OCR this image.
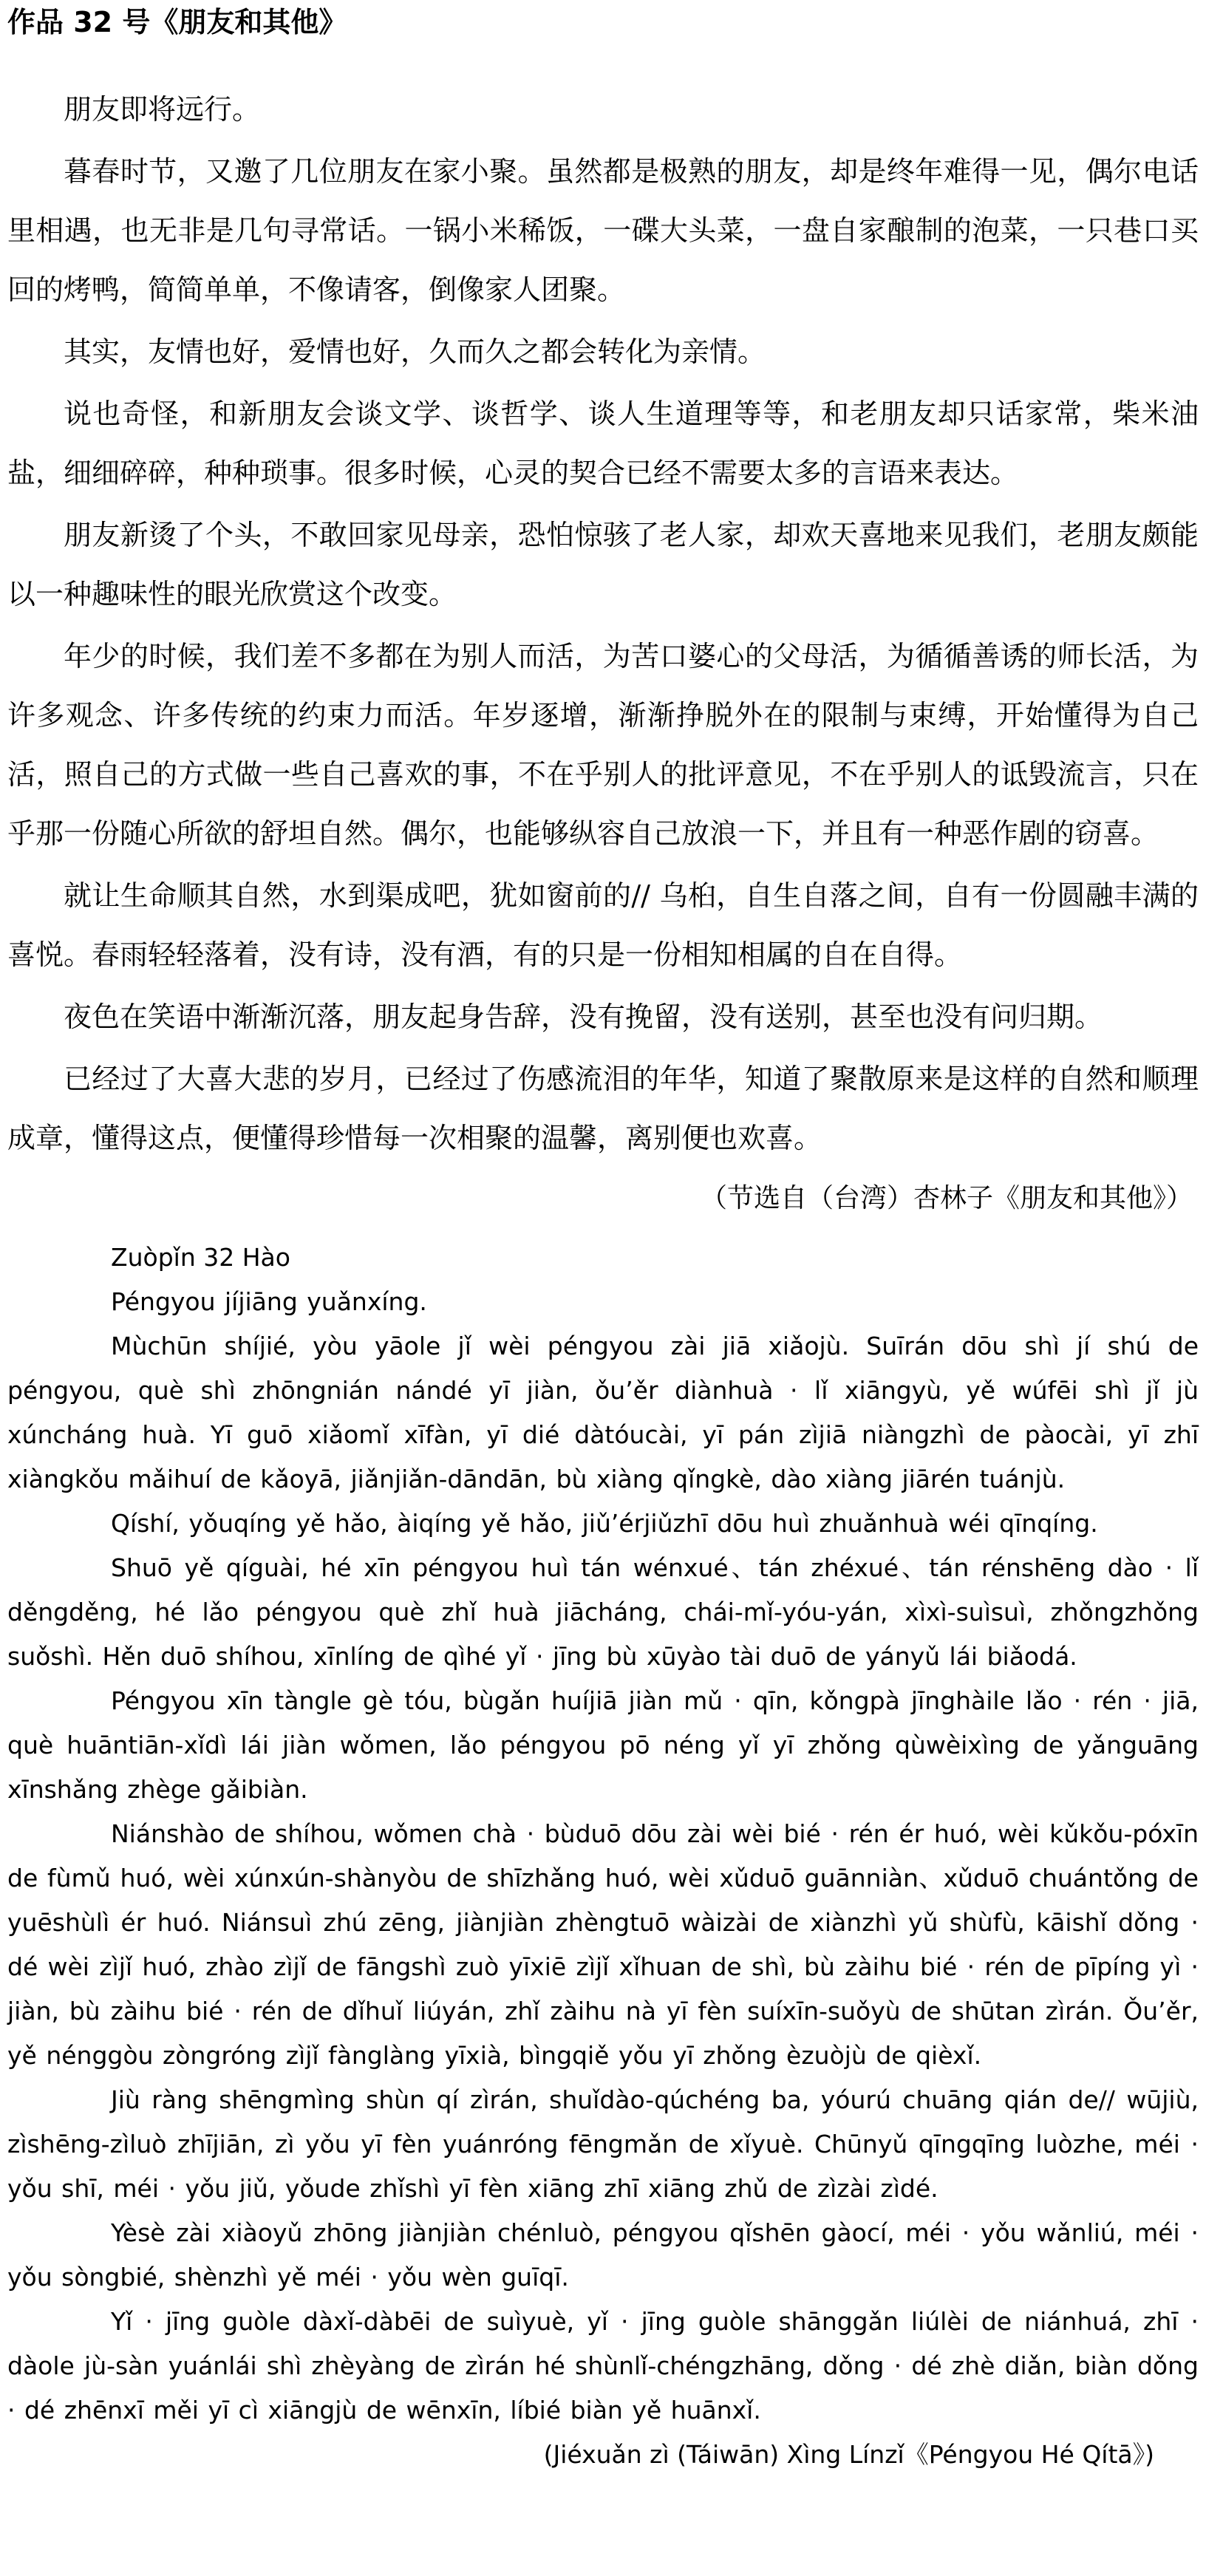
作品 32 号《朋友和其他》

朋友即将远行。

暮春时节，又邀了几位朋友在家小聚。虽然都是极熟的朋友，却是终年难得一见，偶尔电话里相遇，也无非是几句寻常话。一锅小米稀饭，一碟大头菜，一盘自家酿制的泡菜，一只巷口买回的烤鸭，简简单单，不像请客，倒像家人团聚。

其实，友情也好，爱情也好，久而久之都会转化为亲情。

说也奇怪，和新朋友会谈文学、谈哲学、谈人生道理等等，和老朋友却只话家常，柴米油盐，细细碎碎，种种琐事。很多时候，心灵的契合已经不需要太多的言语来表达。

朋友新烫了个头，不敢回家见母亲，恐怕惊骇了老人家，却欢天喜地来见我们，老朋友颇能以一种趣味性的眼光欣赏这个改变。

年少的时候，我们差不多都在为别人而活，为苦口婆心的父母活，为循循善诱的师长活，为许多观念、许多传统的约束力而活。年岁逐增，渐渐挣脱外在的限制与束缚，开始懂得为自己活，照自己的方式做一些自己喜欢的事，不在乎别人的批评意见，不在乎别人的诋毁流言，只在乎那一份随心所欲的舒坦自然。偶尔，也能够纵容自己放浪一下，并且有一种恶作剧的窃喜。

就让生命顺其自然，水到渠成吧，犹如窗前的// 乌桕，自生自落之间，自有一份圆融丰满的喜悦。春雨轻轻落着，没有诗，没有酒，有的只是一份相知相属的自在自得。

夜色在笑语中渐渐沉落，朋友起身告辞，没有挽留，没有送别，甚至也没有问归期。

已经过了大喜大悲的岁月，已经过了伤感流泪的年华，知道了聚散原来是这样的自然和顺理成章，懂得这点，便懂得珍惜每一次相聚的温馨，离别便也欢喜。

（节选自（台湾）杏林子《朋友和其他》）

Zuòpǐn 32 Hào

Péngyou jíjiāng yuǎnxíng.

Mùchūn shíjié, yòu yāole jǐ wèi péngyou zài jiā xiǎojù. Suīrán dōu shì jí shú de péngyou, què shì zhōngnián nándé yī jiàn, ǒu’ěr diànhuà · lǐ xiāngyù, yě wúfēi shì jǐ jù xúncháng huà. Yī guō xiǎomǐ xīfàn, yī dié dàtóucài, yī pán zìjiā niàngzhì de pàocài, yī zhī xiàngkǒu mǎihuí de kǎoyā, jiǎnjiǎn-dāndān, bù xiàng qǐngkè, dào xiàng jiārén tuánjù.

Qíshí, yǒuqíng yě hǎo, àiqíng yě hǎo, jiǔ’érjiǔzhī dōu huì zhuǎnhuà wéi qīnqíng.

Shuō yě qíguài, hé xīn péngyou huì tán wénxué、tán zhéxué、tán rénshēng dào · lǐ děngděng, hé lǎo péngyou què zhǐ huà jiācháng, chái-mǐ-yóu-yán, xìxì-suìsuì, zhǒngzhǒng suǒshì. Hěn duō shíhou, xīnlíng de qìhé yǐ · jīng bù xūyào tài duō de yányǔ lái biǎodá.

Péngyou xīn tàngle gè tóu, bùgǎn huíjiā jiàn mǔ · qīn, kǒngpà jīnghàile lǎo · rén · jiā, què huāntiān-xǐdì lái jiàn wǒmen, lǎo péngyou pō néng yǐ yī zhǒng qùwèixìng de yǎnguāng xīnshǎng zhège gǎibiàn.

Niánshào de shíhou, wǒmen chà · bùduō dōu zài wèi bié · rén ér huó, wèi kǔkǒu-póxīn de fùmǔ huó, wèi xúnxún-shànyòu de shīzhǎng huó, wèi xǔduō guānniàn、xǔduō chuántǒng de yuēshùlì ér huó. Niánsuì zhú zēng, jiànjiàn zhèngtuō wàizài de xiànzhì yǔ shùfù, kāishǐ dǒng · dé wèi zìjǐ huó, zhào zìjǐ de fāngshì zuò yīxiē zìjǐ xǐhuan de shì, bù zàihu bié · rén de pīpíng yì · jiàn, bù zàihu bié · rén de dǐhuǐ liúyán, zhǐ zàihu nà yī fèn suíxīn-suǒyù de shūtan zìrán. Ǒu’ěr, yě nénggòu zòngróng zìjǐ fànglàng yīxià, bìngqiě yǒu yī zhǒng èzuòjù de qièxǐ.

Jiù ràng shēngmìng shùn qí zìrán, shuǐdào-qúchéng ba, yóurú chuāng qián de// wūjiù, zìshēng-zìluò zhījiān, zì yǒu yī fèn yuánróng fēngmǎn de xǐyuè. Chūnyǔ qīngqīng luòzhe, méi · yǒu shī, méi · yǒu jiǔ, yǒude zhǐshì yī fèn xiāng zhī xiāng zhǔ de zìzài zìdé.

Yèsè zài xiàoyǔ zhōng jiànjiàn chénluò, péngyou qǐshēn gàocí, méi · yǒu wǎnliú, méi · yǒu sòngbié, shènzhì yě méi · yǒu wèn guīqī.

Yǐ · jīng guòle dàxǐ-dàbēi de suìyuè, yǐ · jīng guòle shānggǎn liúlèi de niánhuá, zhī · dàole jù-sàn yuánlái shì zhèyàng de zìrán hé shùnlǐ-chéngzhāng, dǒng · dé zhè diǎn, biàn dǒng · dé zhēnxī měi yī cì xiāngjù de wēnxīn, líbié biàn yě huānxǐ.

(Jiéxuǎn zì (Táiwān) Xìng Línzǐ《Péngyou Hé Qítā》)
